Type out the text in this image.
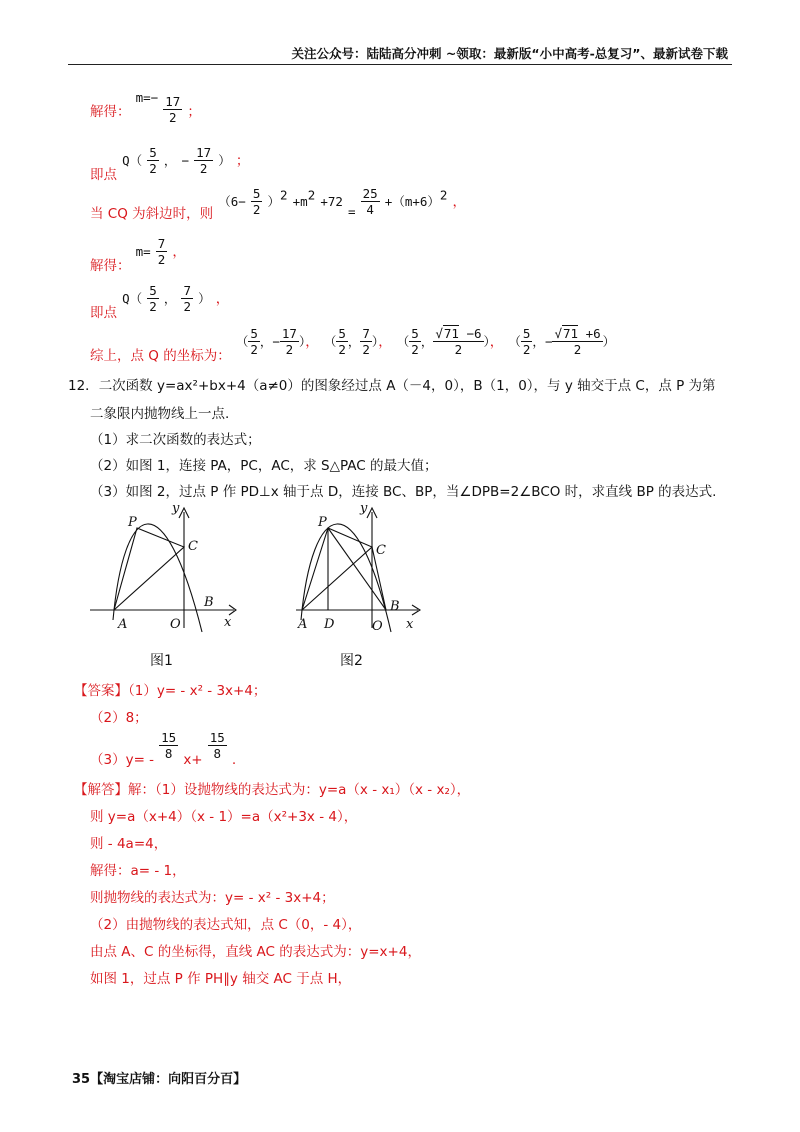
关注公众号：陆陆高分冲刺 ~领取：最新版“小中高考-总复习”、最新试卷下载
解得： $^{m=-} \frac{17}{2}$ ；
$_{即点}$ $Q( \frac{5}{2}$ ， − $\frac{17}{2}$ ） ；
$_{当 CQ 为斜边时,则}$ $(6- \frac{5}{2} )^2 +m^2 +72$ $_= \frac{25}{4} +(m+6)^2$ ，
$_{解得:}$ $m= \frac{7}{2}$ ，
$_{即点}$ $Q( \frac{5}{2}$ ， $\frac{7}{2}$ ） ，
$_{综上,点 Q 的坐标为:}$ （ $\frac{5}{2}$ ，− $\frac{17}{2}$ ）， （ $\frac{5}{2}$ ， $\frac{7}{2}$ ）， （ $\frac{5}{2}$ ， $\frac{√71 -6}{2}$ ）， （ $\frac{5}{2}$ ，− $\frac{√71 +6}{2}$ ）
12．二次函数 y=ax²+bx+4（a≠0）的图象经过点 A（－4，0），B（1，0），与 y 轴交于点 C，点 P 为第
二象限内抛物线上一点.
（1）求二次函数的表达式；
（2）如图 1，连接 PA，PC，AC，求 S△PAC 的最大值；
（3）如图 2，过点 P 作 PD⊥x 轴于点 D，连接 BC、BP，当∠DPB=2∠BCO 时，求直线 BP 的表达式.
P
y
C
A	O
B
x
图1
P
y
C
A D	O
B
x
图2
【答案】（1）y= - x² - 3x+4；
（2）8；
$_{(3)y= -} \frac{15}{8} _{x+} \frac{15}{8} _.$
【解答】解：（1）设抛物线的表达式为：y=a（x - x₁）（x - x₂），
则 y=a（x+4）（x - 1）=a（x²+3x - 4），
则 - 4a=4，
解得：a= - 1，
则抛物线的表达式为：y= - x² - 3x+4；
（2）由抛物线的表达式知，点 C（0，- 4），
由点 A、C 的坐标得，直线 AC 的表达式为：y=x+4，
如图 1，过点 P 作 PH∥y 轴交 AC 于点 H，
35【淘宝店铺：向阳百分百】
